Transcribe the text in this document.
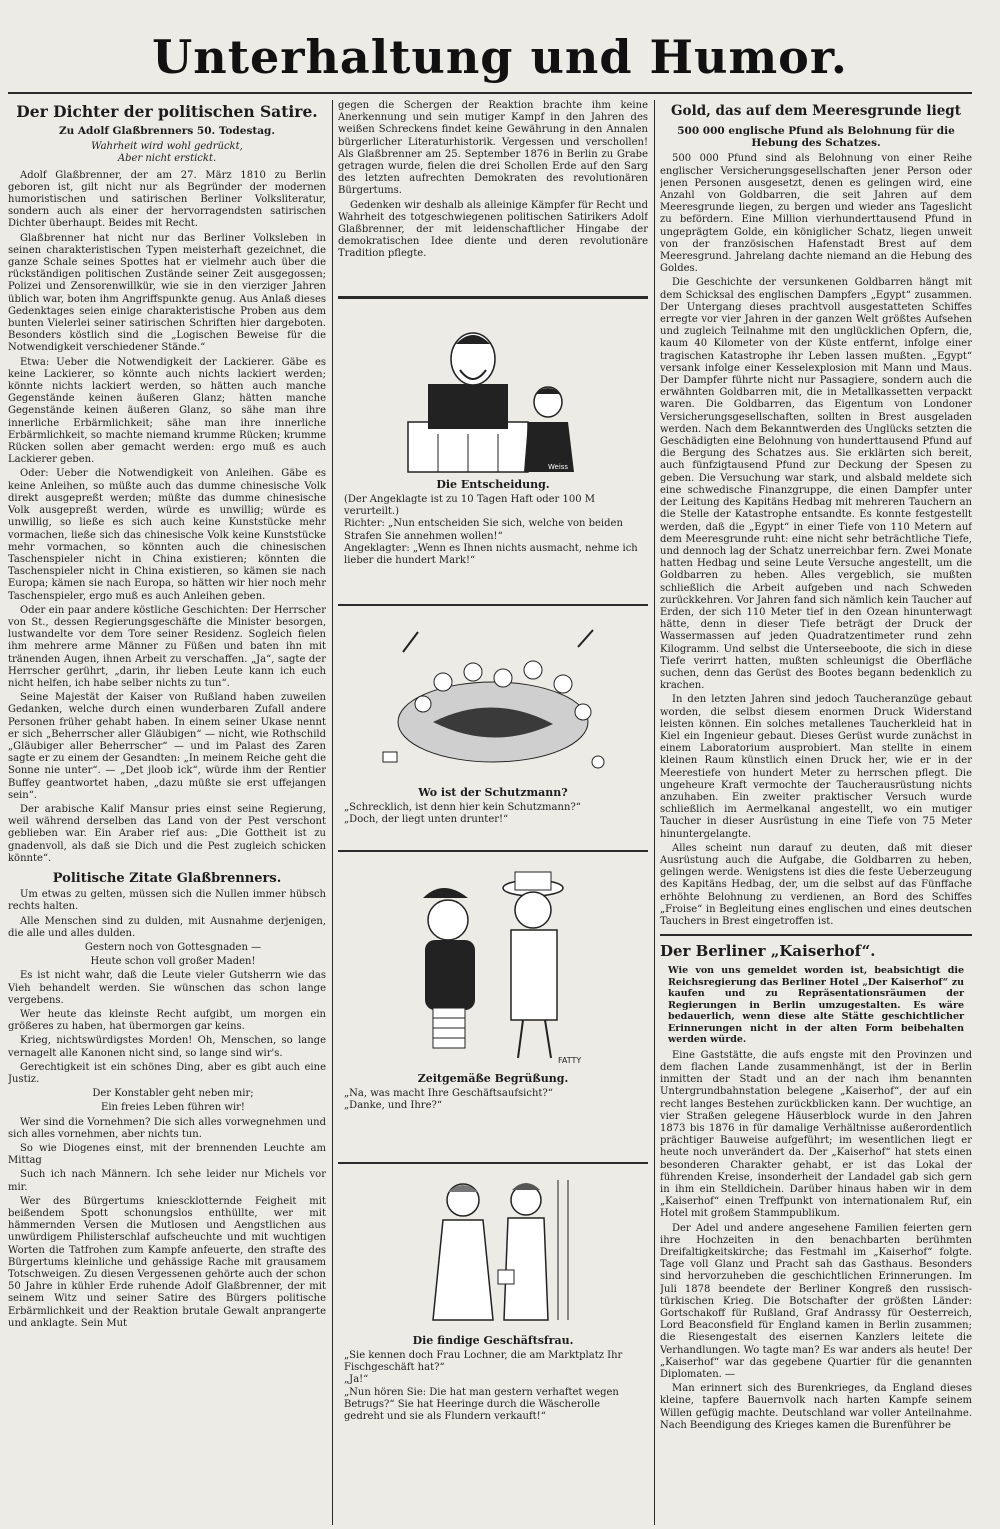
Unterhaltung und Humor.
Der Dichter der politischen Satire.
Zu Adolf Glaßbrenners 50. Todestag.
Wahrheit wird wohl gedrückt,
Aber nicht erstickt.

Adolf Glaßbrenner, der am 27. März 1810 zu Berlin geboren ist, gilt nicht nur als Begründer der modernen humoristischen und satirischen Berliner Volksliteratur, sondern auch als einer der hervorragendsten satirischen Dichter überhaupt. Beides mit Recht.

Glaßbrenner hat nicht nur das Berliner Volksleben in seinen charakteristischen Typen meisterhaft gezeichnet, die ganze Schale seines Spottes hat er vielmehr auch über die rückständigen politischen Zustände seiner Zeit ausgegossen; Polizei und Zensorenwillkür, wie sie in den vierziger Jahren üblich war, boten ihm Angriffspunkte genug. Aus Anlaß dieses Gedenktages seien einige charakteristische Proben aus dem bunten Vielerlei seiner satirischen Schriften hier dargeboten. Besonders köstlich sind die „Logischen Beweise für die Notwendigkeit verschiedener Stände.“

Etwa: Ueber die Notwendigkeit der Lackierer. Gäbe es keine Lackierer, so könnte auch nichts lackiert werden; könnte nichts lackiert werden, so hätten auch manche Gegenstände keinen äußeren Glanz; hätten manche Gegenstände keinen äußeren Glanz, so sähe man ihre innerliche Erbärmlichkeit; sähe man ihre innerliche Erbärmlichkeit, so machte niemand krumme Rücken; krumme Rücken sollen aber gemacht werden: ergo muß es auch Lackierer geben.

Oder: Ueber die Notwendigkeit von Anleihen. Gäbe es keine Anleihen, so müßte auch das dumme chinesische Volk direkt ausgepreßt werden; müßte das dumme chinesische Volk ausgepreßt werden, würde es unwillig; würde es unwillig, so ließe es sich auch keine Kunststücke mehr vormachen, ließe sich das chinesische Volk keine Kunststücke mehr vormachen, so könnten auch die chinesischen Taschenspieler nicht in China existieren; könnten die Taschenspieler nicht in China existieren, so kämen sie nach Europa; kämen sie nach Europa, so hätten wir hier noch mehr Taschenspieler, ergo muß es auch Anleihen geben.

Oder ein paar andere köstliche Geschichten: Der Herrscher von St., dessen Regierungsgeschäfte die Minister besorgen, lustwandelte vor dem Tore seiner Residenz. Sogleich fielen ihm mehrere arme Männer zu Füßen und baten ihn mit tränenden Augen, ihnen Arbeit zu verschaffen. „Ja“, sagte der Herrscher gerührt, „darin, ihr lieben Leute kann ich euch nicht helfen, ich habe selber nichts zu tun“.

Seine Majestät der Kaiser von Rußland haben zuweilen Gedanken, welche durch einen wunderbaren Zufall andere Personen früher gehabt haben. In einem seiner Ukase nennt er sich „Beherrscher aller Gläubigen“ — nicht, wie Rothschild „Gläubiger aller Beherrscher“ — und im Palast des Zaren sagte er zu einem der Gesandten: „In meinem Reiche geht die Sonne nie unter“. — „Det jloob ick“, würde ihm der Rentier Buffey geantwortet haben, „dazu müßte sie erst uffejangen sein“.

Der arabische Kalif Mansur pries einst seine Regierung, weil während derselben das Land von der Pest verschont geblieben war. Ein Araber rief aus: „Die Gottheit ist zu gnadenvoll, als daß sie Dich und die Pest zugleich schicken könnte“.

Politische Zitate Glaßbrenners.

Um etwas zu gelten, müssen sich die Nullen immer hübsch rechts halten.

Alle Menschen sind zu dulden, mit Ausnahme derjenigen, die alle und alles dulden.

Gestern noch von Gottesgnaden —

Heute schon voll großer Maden!

Es ist nicht wahr, daß die Leute vieler Gutsherrn wie das Vieh behandelt werden. Sie wünschen das schon lange vergebens.

Wer heute das kleinste Recht aufgibt, um morgen ein größeres zu haben, hat übermorgen gar keins.

Krieg, nichtswürdigstes Morden! Oh, Menschen, so lange vernagelt alle Kanonen nicht sind, so lange sind wir's.

Gerechtigkeit ist ein schönes Ding, aber es gibt auch eine Justiz.

Der Konstabler geht neben mir;

Ein freies Leben führen wir!

Wer sind die Vornehmen? Die sich alles vorwegnehmen und sich alles vornehmen, aber nichts tun.

So wie Diogenes einst, mit der brennenden Leuchte am Mittag

Such ich nach Männern. Ich sehe leider nur Michels vor mir.

Wer des Bürgertums kniescklotternde Feigheit mit beißendem Spott schonungslos enthüllte, wer mit hämmernden Versen die Mutlosen und Aengstlichen aus unwürdigem Philisterschlaf aufscheuchte und mit wuchtigen Worten die Tatfrohen zum Kampfe anfeuerte, den strafte des Bürgertums kleinliche und gehässige Rache mit grausamem Totschweigen. Zu diesen Vergessenen gehörte auch der schon 50 Jahre in kühler Erde ruhende Adolf Glaßbrenner, der mit seinem Witz und seiner Satire des Bürgers politische Erbärmlichkeit und der Reaktion brutale Gewalt anprangerte und anklagte. Sein Mut

gegen die Schergen der Reaktion brachte ihm keine Anerkennung und sein mutiger Kampf in den Jahren des weißen Schreckens findet keine Gewährung in den Annalen bürgerlicher Literaturhistorik. Vergessen und verschollen! Als Glaßbrenner am 25. September 1876 in Berlin zu Grabe getragen wurde, fielen die drei Schollen Erde auf den Sarg des letzten aufrechten Demokraten des revolutionären Bürgertums.

Gedenken wir deshalb als alleinige Kämpfer für Recht und Wahrheit des totgeschwiegenen politischen Satirikers Adolf Glaßbrenner, der mit leidenschaftlicher Hingabe der demokratischen Idee diente und deren revolutionäre Tradition pflegte.

Weiss
Die Entscheidung.
(Der Angeklagte ist zu 10 Tagen Haft oder 100 M verurteilt.)
Richter: „Nun entscheiden Sie sich, welche von beiden Strafen Sie annehmen wollen!“
Angeklagter: „Wenn es Ihnen nichts ausmacht, nehme ich lieber die hundert Mark!“
Wo ist der Schutzmann?
„Schrecklich, ist denn hier kein Schutzmann?“
„Doch, der liegt unten drunter!“
FATTY
Zeitgemäße Begrüßung.
„Na, was macht Ihre Geschäftsaufsicht?“
„Danke, und Ihre?“
Die findige Geschäftsfrau.
„Sie kennen doch Frau Lochner, die am Marktplatz Ihr Fischgeschäft hat?“
„Ja!“
„Nun hören Sie: Die hat man gestern verhaftet wegen Betrugs?“ Sie hat Heeringe durch die Wäscherolle gedreht und sie als Flundern verkauft!“
Gold, das auf dem Meeresgrunde liegt
500 000 englische Pfund als Belohnung für die Hebung des Schatzes.

500 000 Pfund sind als Belohnung von einer Reihe englischer Versicherungsgesellschaften jener Person oder jenen Personen ausgesetzt, denen es gelingen wird, eine Anzahl von Goldbarren, die seit Jahren auf dem Meeresgrunde liegen, zu bergen und wieder ans Tageslicht zu befördern. Eine Million vierhunderttausend Pfund in ungeprägtem Golde, ein königlicher Schatz, liegen unweit von der französischen Hafenstadt Brest auf dem Meeresgrund. Jahrelang dachte niemand an die Hebung des Goldes.

Die Geschichte der versunkenen Goldbarren hängt mit dem Schicksal des englischen Dampfers „Egypt“ zusammen. Der Untergang dieses prachtvoll ausgestatteten Schiffes erregte vor vier Jahren in der ganzen Welt größtes Aufsehen und zugleich Teilnahme mit den unglücklichen Opfern, die, kaum 40 Kilometer von der Küste entfernt, infolge einer tragischen Katastrophe ihr Leben lassen mußten. „Egypt“ versank infolge einer Kesselexplosion mit Mann und Maus. Der Dampfer führte nicht nur Passagiere, sondern auch die erwähnten Goldbarren mit, die in Metallkassetten verpackt waren. Die Goldbarren, das Eigentum von Londoner Versicherungsgesellschaften, sollten in Brest ausgeladen werden. Nach dem Bekanntwerden des Unglücks setzten die Geschädigten eine Belohnung von hunderttausend Pfund auf die Bergung des Schatzes aus. Sie erklärten sich bereit, auch fünfzigtausend Pfund zur Deckung der Spesen zu geben. Die Versuchung war stark, und alsbald meldete sich eine schwedische Finanzgruppe, die einen Dampfer unter der Leitung des Kapitäns Hedbag mit mehreren Tauchern an die Stelle der Katastrophe entsandte. Es konnte festgestellt werden, daß die „Egypt“ in einer Tiefe von 110 Metern auf dem Meeresgrunde ruht: eine nicht sehr beträchtliche Tiefe, und dennoch lag der Schatz unerreichbar fern. Zwei Monate hatten Hedbag und seine Leute Versuche angestellt, um die Goldbarren zu heben. Alles vergeblich, sie mußten schließlich die Arbeit aufgeben und nach Schweden zurückkehren. Vor Jahren fand sich nämlich kein Taucher auf Erden, der sich 110 Meter tief in den Ozean hinunterwagt hätte, denn in dieser Tiefe beträgt der Druck der Wassermassen auf jeden Quadratzentimeter rund zehn Kilogramm. Und selbst die Unterseeboote, die sich in diese Tiefe verirrt hatten, mußten schleunigst die Oberfläche suchen, denn das Gerüst des Bootes begann bedenklich zu krachen.

In den letzten Jahren sind jedoch Taucheranzüge gebaut worden, die selbst diesem enormen Druck Widerstand leisten können. Ein solches metallenes Taucherkleid hat in Kiel ein Ingenieur gebaut. Dieses Gerüst wurde zunächst in einem Laboratorium ausprobiert. Man stellte in einem kleinen Raum künstlich einen Druck her, wie er in der Meerestiefe von hundert Meter zu herrschen pflegt. Die ungeheure Kraft vermochte der Taucherausrüstung nichts anzuhaben. Ein zweiter praktischer Versuch wurde schließlich im Aermelkanal angestellt, wo ein mutiger Taucher in dieser Ausrüstung in eine Tiefe von 75 Meter hinuntergelangte.

Alles scheint nun darauf zu deuten, daß mit dieser Ausrüstung auch die Aufgabe, die Goldbarren zu heben, gelingen werde. Wenigstens ist dies die feste Ueberzeugung des Kapitäns Hedbag, der, um die selbst auf das Fünffache erhöhte Belohnung zu verdienen, an Bord des Schiffes „Froise“ in Begleitung eines englischen und eines deutschen Tauchers in Brest eingetroffen ist.

Der Berliner „Kaiserhof“.
Wie von uns gemeldet worden ist, beabsichtigt die Reichsregierung das Berliner Hotel „Der Kaiserhof“ zu kaufen und zu Repräsentationsräumen der Regierungen in Berlin umzugestalten. Es wäre bedauerlich, wenn diese alte Stätte geschichtlicher Erinnerungen nicht in der alten Form beibehalten werden würde.

Eine Gaststätte, die aufs engste mit den Provinzen und dem flachen Lande zusammenhängt, ist der in Berlin inmitten der Stadt und an der nach ihm benannten Untergrundbahnstation belegene „Kaiserhof“, der auf ein recht langes Bestehen zurückblicken kann. Der wuchtige, an vier Straßen gelegene Häuserblock wurde in den Jahren 1873 bis 1876 in für damalige Verhältnisse außerordentlich prächtiger Bauweise aufgeführt; im wesentlichen liegt er heute noch unverändert da. Der „Kaiserhof“ hat stets einen besonderen Charakter gehabt, er ist das Lokal der führenden Kreise, insonderheit der Landadel gab sich gern in ihm ein Stelldichein. Darüber hinaus haben wir in dem „Kaiserhof“ einen Treffpunkt von internationalem Ruf, ein Hotel mit großem Stammpublikum.

Der Adel und andere angesehene Familien feierten gern ihre Hochzeiten in den benachbarten berühmten Dreifaltigkeitskirche; das Festmahl im „Kaiserhof“ folgte. Tage voll Glanz und Pracht sah das Gasthaus. Besonders sind hervorzuheben die geschichtlichen Erinnerungen. Im Juli 1878 beendete der Berliner Kongreß den russisch-türkischen Krieg. Die Botschafter der größten Länder: Gortschakoff für Rußland, Graf Andrassy für Oesterreich, Lord Beaconsfield für England kamen in Berlin zusammen; die Riesengestalt des eisernen Kanzlers leitete die Verhandlungen. Wo tagte man? Es war anders als heute! Der „Kaiserhof“ war das gegebene Quartier für die genannten Diplomaten. —

Man erinnert sich des Burenkrieges, da England dieses kleine, tapfere Bauernvolk nach harten Kampfe seinem Willen gefügig machte. Deutschland war voller Anteilnahme. Nach Beendigung des Krieges kamen die Burenführer be
